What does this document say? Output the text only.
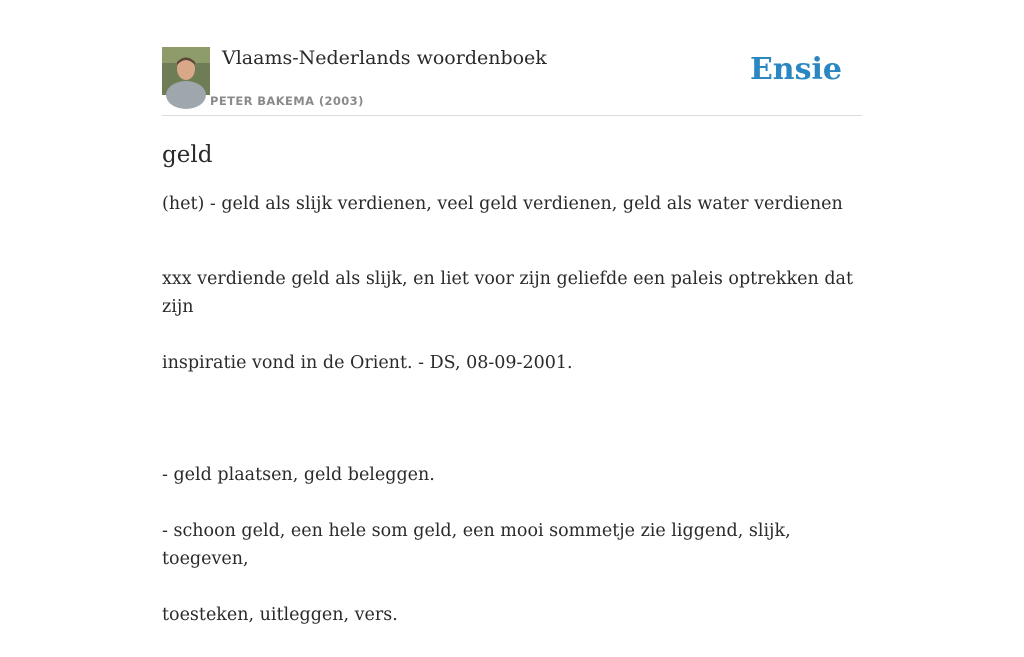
Vlaams-Nederlands woordenboek
PETER BAKEMA (2003)
Ensie
geld

(het) - geld als slijk verdienen, veel geld verdienen, geld als water verdienen

xxx verdiende geld als slijk, en liet voor zijn geliefde een paleis optrekken dat zijn

inspiratie vond in de Orient. - DS, 08-09-2001.

- geld plaatsen, geld beleggen.

- schoon geld, een hele som geld, een mooi sommetje zie liggend, slijk, toegeven,

toesteken, uitleggen, vers.
